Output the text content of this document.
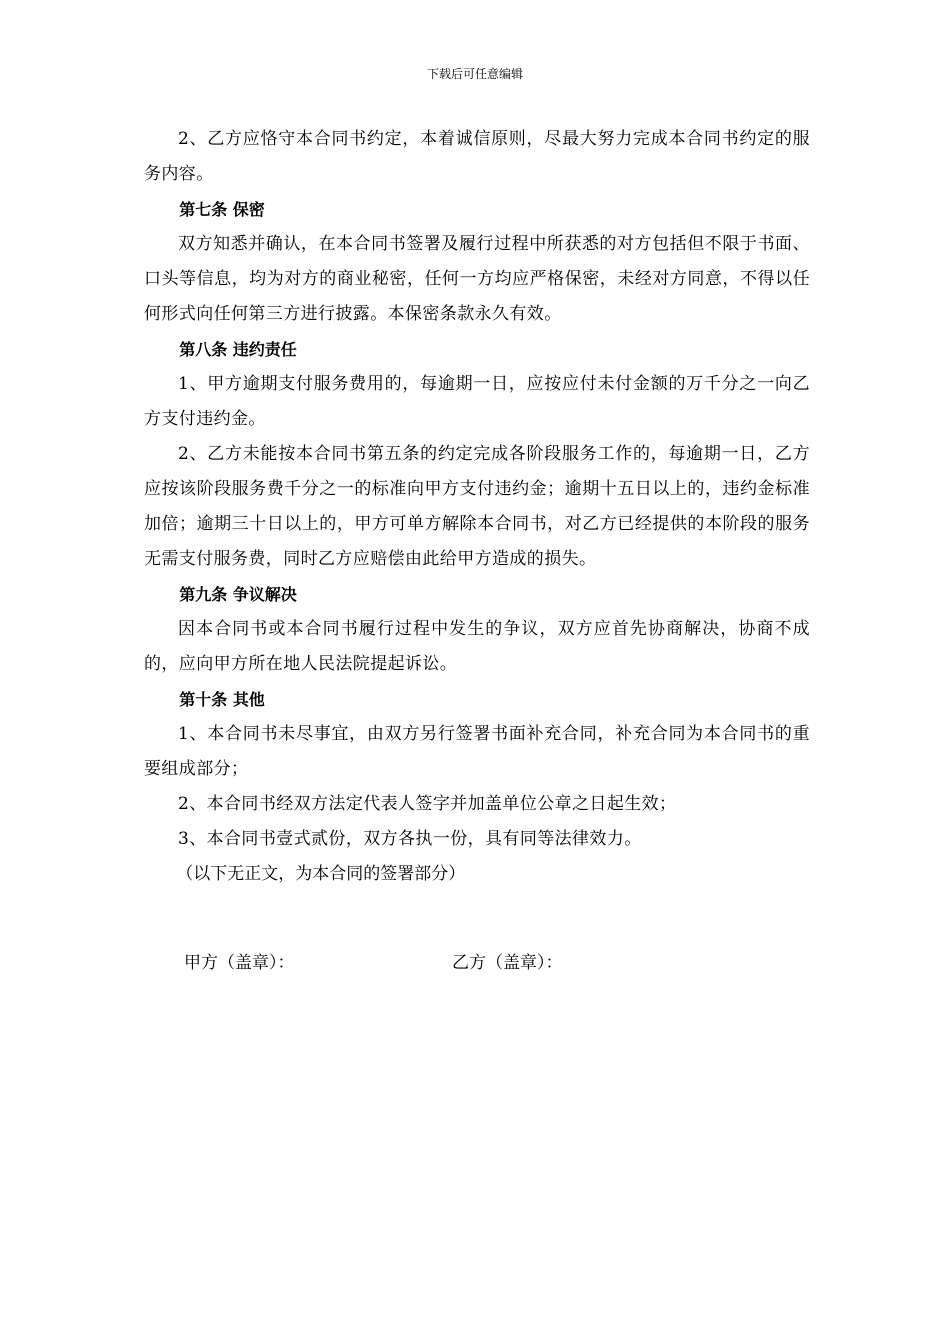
下载后可任意编辑

2、乙方应恪守本合同书约定，本着诚信原则，尽最大努力完成本合同书约定的服务内容。

第七条 保密

双方知悉并确认，在本合同书签署及履行过程中所获悉的对方包括但不限于书面、口头等信息，均为对方的商业秘密，任何一方均应严格保密，未经对方同意，不得以任何形式向任何第三方进行披露。本保密条款永久有效。

第八条 违约责任

1、甲方逾期支付服务费用的，每逾期一日，应按应付未付金额的万千分之一向乙方支付违约金。

2、乙方未能按本合同书第五条的约定完成各阶段服务工作的，每逾期一日，乙方应按该阶段服务费千分之一的标准向甲方支付违约金；逾期十五日以上的，违约金标准加倍；逾期三十日以上的，甲方可单方解除本合同书，对乙方已经提供的本阶段的服务无需支付服务费，同时乙方应赔偿由此给甲方造成的损失。

第九条 争议解决

因本合同书或本合同书履行过程中发生的争议，双方应首先协商解决，协商不成的，应向甲方所在地人民法院提起诉讼。

第十条 其他

1、本合同书未尽事宜，由双方另行签署书面补充合同，补充合同为本合同书的重要组成部分；

2、本合同书经双方法定代表人签字并加盖单位公章之日起生效；

3、本合同书壹式贰份，双方各执一份，具有同等法律效力。

（以下无正文，为本合同的签署部分）

甲方（盖章）：	乙方（盖章）：
